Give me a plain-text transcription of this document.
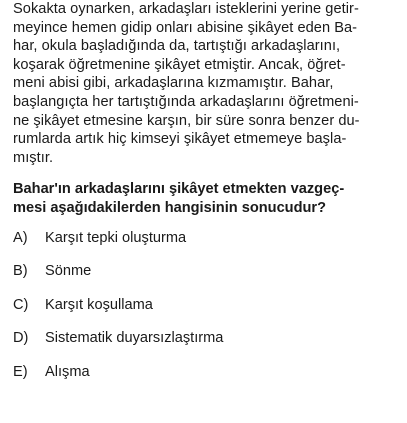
Sokakta oynarken, arkadaşları isteklerini yerine getir-
meyince hemen gidip onları abisine şikâyet eden Ba-
har, okula başladığında da, tartıştığı arkadaşlarını,
koşarak öğretmenine şikâyet etmiştir. Ancak, öğret-
meni abisi gibi, arkadaşlarına kızmamıştır. Bahar,
başlangıçta her tartıştığında arkadaşlarını öğretmeni-
ne şikâyet etmesine karşın, bir süre sonra benzer du-
rumlarda artık hiç kimseyi şikâyet etmemeye başla-
mıştır.

Bahar'ın arkadaşlarını şikâyet etmekten vazgeç-
mesi aşağıdakilerden hangisinin sonucudur?

A)	Karşıt tepki oluşturma
B)	Sönme
C)	Karşıt koşullama
D)	Sistematik duyarsızlaştırma
E)	Alışma
